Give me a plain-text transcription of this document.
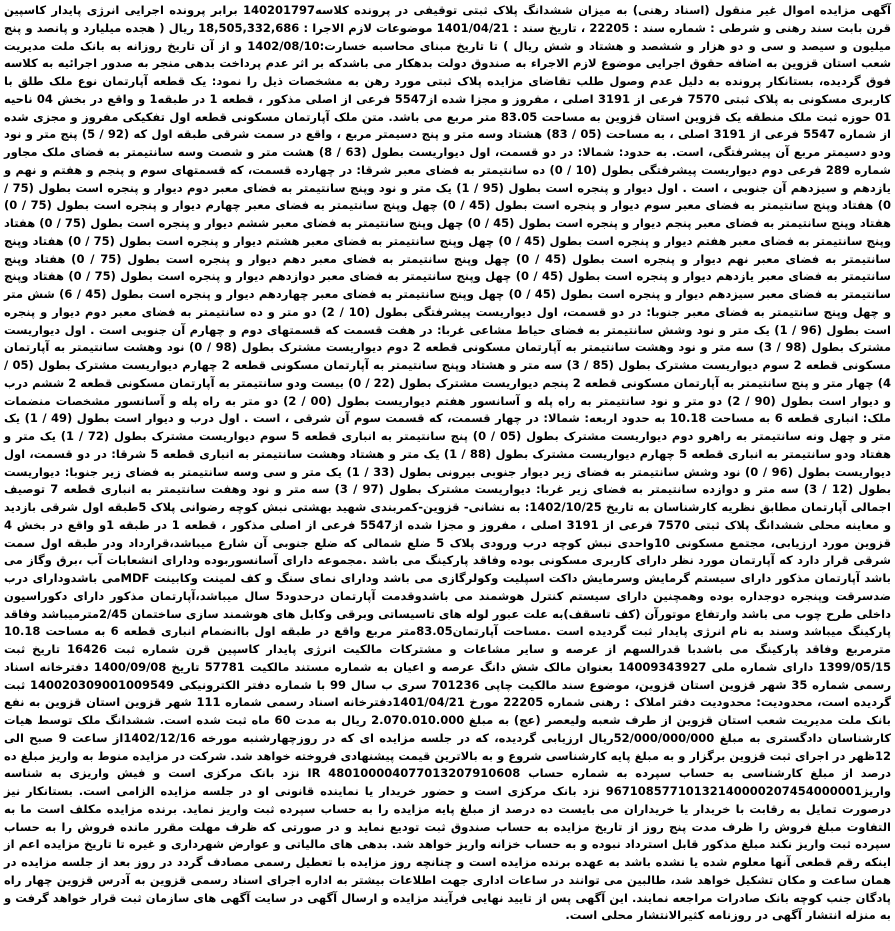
آگهی مزایده اموال غیر منقول (اسناد رهنی) به میزان ششدانگ پلاک ثبتی توقیفی در پرونده کلاسه140201797 برابر پرونده اجرایی انرژی پایدار کاسپین قرن بابت سند رهنی و شرطی : شماره سند : 22205 ، تاریخ سند : 1401/04/21 موضوعات لازم الاجرا : 18,505,332,686 ریال ( هجده میلیارد و پانصد و پنج میلیون و سیصد و سی و دو هزار و ششصد و هشتاد و شش ریال ) تا تاریخ مبنای محاسبه خسارت:1402/08/10 و از آن تاریخ روزانه به بانک ملت مدیریت شعب استان قزوین به اضافه حقوق اجرایی موضوع لازم الاجراء به صندوق دولت بدهکار می باشدکه بر اثر عدم پرداخت بدهی منجر به صدور اجرائیه به کلاسه فوق گردیده، بستانکار پرونده به دلیل عدم وصول طلب تقاضای مزایده پلاک ثبتی مورد رهن به مشخصات ذیل را نمود: یک قطعه آپارتمان نوع ملک طلق با کاربری مسکونی به پلاک ثبتی 7570 فرعی از 3191 اصلی ، مفروز و مجزا شده از5547 فرعی از اصلی مذکور ، قطعه 1 در طبقه1 و واقع در بخش 04 ناحیه 01 حوزه ثبت ملک منطقه یک قزوین استان قزوین به مساحت 83.05 متر مربع می باشد. متن ملک آپارتمان مسکونی قطعه اول تفکیکی مفروز و مجزی شده از شماره 5547 فرعی از 3191 اصلی ، به مساحت (05 / 83) هشتاد وسه متر و پنج دسیمتر مربع ، واقع در سمت شرقی طبقه اول که (92 / 5) پنج متر و نود ودو دسیمتر مربع آن پیشرفتگی، است. به حدود: شمالا: در دو قسمت، اول دیواریست بطول (63 / 8) هشت متر و شصت وسه سانتیمتر به فضای ملک مجاور شماره 289 فرعی دوم دیواریست پیشرفتگی بطول (10 / 0) ده سانتیمتر به فضای معبر شرقا: در چهارده قسمت، که قسمتهای سوم و پنجم و هفتم و نهم و یازدهم و سیزدهم آن جنوبی ، است . اول دیوار و پنجره است بطول (95 / 1) یک متر و نود وپنج سانتیمتر به فضای معبر دوم دیوار و پنجره است بطول (75 / 0) هفتاد وپنج سانتیمتر به فضای معبر سوم دیوار و پنجره است بطول (45 / 0) چهل وپنج سانتیمتر به فضای معبر چهارم دیوار و پنجره است بطول (75 / 0) هفتاد وپنج سانتیمتر به فضای معبر پنجم دیوار و پنجره است بطول (45 / 0) چهل وپنج سانتیمتر به فضای معبر ششم دیوار و پنجره است بطول (75 / 0) هفتاد وپنج سانتیمتر به فضای معبر هفتم دیوار و پنجره است بطول (45 / 0) چهل وپنج سانتیمتر به فضای معبر هشتم دیوار و پنجره است بطول (75 / 0) هفتاد وپنج سانتیمتر به فضای معبر نهم دیوار و پنجره است بطول (45 / 0) چهل وپنج سانتیمتر به فضای معبر دهم دیوار و پنجره است بطول (75 / 0) هفتاد وپنج سانتیمتر به فضای معبر یازدهم دیوار و پنجره است بطول (45 / 0) چهل وپنج سانتیمتر به فضای معبر دوازدهم دیوار و پنجره است بطول (75 / 0) هفتاد وپنج سانتیمتر به فضای معبر سیزدهم دیوار و پنجره است بطول (45 / 0) چهل وپنج سانتیمتر به فضای معبر چهاردهم دیوار و پنجره است بطول (45 / 6) شش متر و چهل وپنج سانتیمتر به فضای معبر جنوبا: در دو قسمت، اول دیواریست پیشرفتگی بطول (10 / 2) دو متر و ده سانتیمتر به فضای معبر دوم دیوار و پنجره است بطول (96 / 1) یک متر و نود وشش سانتیمتر به فضای حیاط مشاعی غربا: در هفت قسمت که قسمتهای دوم و چهارم آن جنوبی است . اول دیواریست مشترک بطول (98 / 3) سه متر و نود وهشت سانتیمتر به آپارتمان مسکونی قطعه 2 دوم دیواریست مشترک بطول (98 / 0) نود وهشت سانتیمتر به آپارتمان مسکونی قطعه 2 سوم دیواریست مشترک بطول (85 / 3) سه متر و هشتاد وپنج سانتیمتر به آپارتمان مسکونی قطعه 2 چهارم دیواریست مشترک بطول (05 / 4) چهار متر و پنج سانتیمتر به آپارتمان مسکونی قطعه 2 پنجم دیواریست مشترک بطول (22 / 0) بیست ودو سانتیمتر به آپارتمان مسکونی قطعه 2 ششم درب و دیوار است بطول (90 / 2) دو متر و نود سانتیمتر به راه پله و آسانسور هفتم دیواریست بطول (00 / 2) دو متر به راه پله و آسانسور مشخصات منضمات ملک: انباری قطعه 6 به مساحت 10.18 به حدود اربعه: شمالا: در چهار قسمت، که قسمت سوم آن شرقی ، است . اول درب و دیوار است بطول (49 / 1) یک متر و چهل ونه سانتیمتر به راهرو دوم دیواریست مشترک بطول (05 / 0) پنج سانتیمتر به انباری قطعه 5 سوم دیواریست مشترک بطول (72 / 1) یک متر و هفتاد ودو سانتیمتر به انباری قطعه 5 چهارم دیواریست مشترک بطول (88 / 1) یک متر و هشتاد وهشت سانتیمتر به انباری قطعه 5 شرقا: در دو قسمت، اول دیواریست بطول (96 / 0) نود وشش سانتیمتر به فضای زیر دیوار جنوبی بیرونی بطول (33 / 1) یک متر و سی وسه سانتیمتر به فضای زیر جنوبا: دیواریست بطول (12 / 3) سه متر و دوازده سانتیمتر به فضای زیر غربا: دیواریست مشترک بطول (97 / 3) سه متر و نود وهفت سانتیمتر به انباری قطعه 7 توصیف اجمالی آپارتمان مطابق نظریه کارشناسان به تاریخ 1402/10/25: به نشانی- قزوین-کمربندی شهید بهشتی نبش کوچه رضوانی پلاک 5طبقه اول شرقی بازدید و معاینه محلی ششدانگ پلاک ثبتی 7570 فرعی از 3191 اصلی ، مفروز و مجزا شده از5547 فرعی از اصلی مذکور ، قطعه 1 در طبقه 1و واقع در بخش 4 قزوین مورد ارزیابی، مجتمع مسکونی 10واحدی نبش کوچه درب ورودی پلاک 5 ضلع شمالی که ضلع جنوبی آن شارع میباشد،قرارداد ودر طبقه اول سمت شرقی قرار دارد که آپارتمان مورد نظر دارای کاربری مسکونی بوده وفاقد پارکینگ می باشد .مجموعه دارای آسانسوربوده ودارای انشعابات آب ،برق وگاز می باشد آپارتمان مذکور دارای سیستم گرمایش وسرمایش داکت اسپلیت وکولرگازی می باشد ودارای نمای سنگ و کف لمینت وکابینت MDFمی باشدودارای درب ضدسرقت وپنجره دوجداره بوده وهمچنین دارای سیستم کنترل هوشمند می باشدوقدمت آپارتمان درحدود5 سال میباشد،آپارتمان مذکور دارای دکوراسیون داخلی طرح چوب می باشد وارتفاع موتورآن (کف تاسقف)به علت عبور لوله های تاسیساتی وبرقی وکابل های هوشمند سازی ساختمان 2/45مترمیباشد وفاقد پارکینگ میباشد وسند به نام انرژی پایدار ثبت گردیده است .مساحت آپارتمان83.05متر مربع واقع در طبقه اول باانضمام انباری قطعه 6 به مساحت 10.18 مترمربع وفاقد پارکینگ می باشدبا قدرالسهم از عرصه و سایر مشاعات و مشترکات مالکیت انرژی پایدار کاسپین قرن شماره ثبت 16426 تاریخ ثبت 1399/05/15 دارای شماره ملی 14009343927 بعنوان مالک شش دانگ عرصه و اعیان به شماره مستند مالکیت 57781 تاریخ 1400/09/08 دفترخانه اسناد رسمی شماره 35 شهر قزوین استان قزوین، موضوع سند مالکیت چاپی 701236 سری ب سال 99 با شماره دفتر الکترونیکی 140020309001009549 ثبت گردیده است، محدودیت: محدودیت دفتر املاک : رهنی شماره 22205 مورخ 1401/04/21دفترخانه اسناد رسمی شماره 111 شهر قزوین استان قزوین به نفع بانک ملت مدیریت شعب استان قزوین از طرف شعبه ولیعصر (عج) به مبلغ 2.070.010.000 ریال به مدت 60 ماه ثبت شده است. ششدانگ ملک توسط هیات کارشناسان دادگستری به مبلغ 52/000/000/000ریال ارزیابی گردیده، که در جلسه مزایده ای که در روزچهارشنبه مورخه 1402/12/16از ساعت 9 صبح الی 12ظهر در اجرای ثبت قزوین برگزار و به مبلغ پایه کارشناسی شروع و به بالاترین قیمت پیشنهادی فروخته خواهد شد. شرکت در مزایده منوط به واریز مبلغ ده درصد از مبلغ کارشناسی به حساب سپرده به شماره حساب IR 480100004077013207910608 نزد بانک مرکزی است و فیش واریزی به شناسه واریز96710857710132140000207454000001 نزد بانک مرکزی است و حضور خریدار یا نماینده قانونی او در جلسه مزایده الزامی است. بستانکار نیز درصورت تمایل به رقابت با خریدار یا خریداران می بایست ده درصد از مبلغ پایه مزایده را به حساب سپرده ثبت واریز نماید. برنده مزایده مکلف است ما به التفاوت مبلغ فروش را ظرف مدت پنج روز از تاریخ مزایده به حساب صندوق ثبت تودیع نماید و در صورتی که ظرف مهلت مقرر مانده فروش را به حساب سپرده ثبت واریز نکند مبلغ مذکور قابل استرداد نبوده و به حساب خزانه واریز خواهد شد. بدهی های مالیاتی و عوارض شهرداری و غیره تا تاریخ مزایده اعم از اینکه رقم قطعی آنها معلوم شده یا نشده باشد به عهده برنده مزایده است و چنانچه روز مزایده با تعطیل رسمی مصادف گردد در روز بعد از جلسه مزایده در همان ساعت و مکان تشکیل خواهد شد، طالبین می توانند در ساعات اداری جهت اطلاعات بیشتر به اداره اجرای اسناد رسمی قزوین به آدرس قزوین چهار راه پادگان جنب کوچه بانک صادرات مراجعه نمایند. این آگهی پس از تایید نهایی فرآیند مزایده و ارسال آگهی در سایت آگهی های سازمان ثبت قرار خواهد گرفت و به منزله انتشار آگهی در روزنامه کثیرالانتشار محلی است.
